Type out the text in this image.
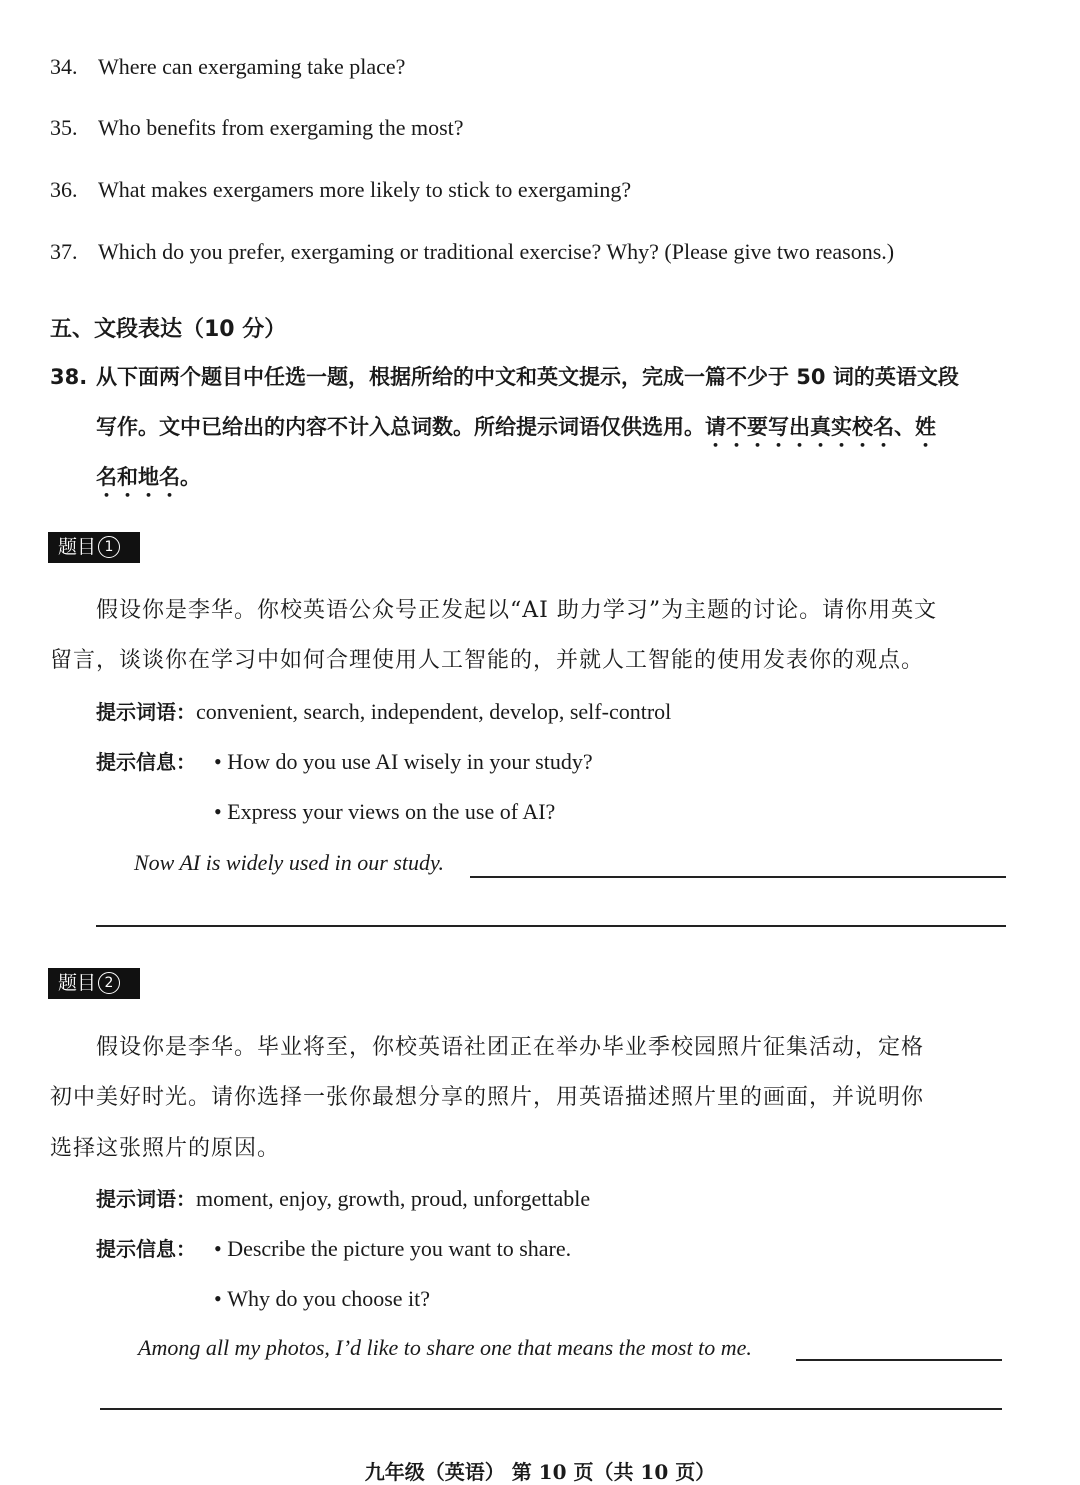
34. Where can exergaming take place?
35. Who benefits from exergaming the most?
36. What makes exergamers more likely to stick to exergaming?
37. Which do you prefer, exergaming or traditional exercise? Why? (Please give two reasons.)
五、文段表达（10 分）
38. 从下面两个题目中任选一题，根据所给的中文和英文提示，完成一篇不少于 50 词的英语文段
写作。文中已给出的内容不计入总词数。所给提示词语仅供选用。请不要写出真实校名、姓
名和地名。
题目 1
假设你是李华。你校英语公众号正发起以“AI 助力学习”为主题的讨论。请你用英文
留言，谈谈你在学习中如何合理使用人工智能的，并就人工智能的使用发表你的观点。
提示词语：convenient, search, independent, develop, self-control
提示信息： • How do you use AI wisely in your study?
• Express your views on the use of AI?
Now AI is widely used in our study.
题目 2
假设你是李华。毕业将至，你校英语社团正在举办毕业季校园照片征集活动，定格
初中美好时光。请你选择一张你最想分享的照片，用英语描述照片里的画面，并说明你
选择这张照片的原因。
提示词语：moment, enjoy, growth, proud, unforgettable
提示信息： • Describe the picture you want to share.
• Why do you choose it?
Among all my photos, I’d like to share one that means the most to me.
九年级（英语） 第 10 页（共 10 页）
